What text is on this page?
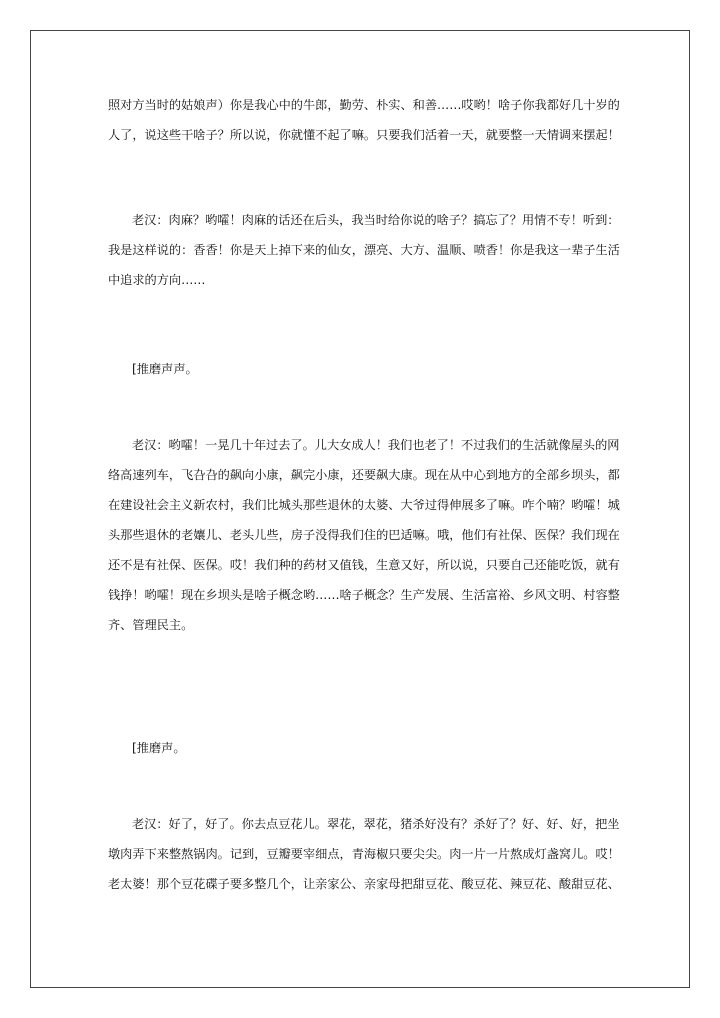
照对方当时的姑娘声）你是我心中的牛郎，勤劳、朴实、和善……哎哟！啥子你我都好几十岁的
人了，说这些干啥子？所以说，你就懂不起了嘛。只要我们活着一天，就要整一天情调来摆起！
老汉：肉麻？哟嚯！肉麻的话还在后头，我当时给你说的啥子？搞忘了？用情不专！听到：
我是这样说的：香香！你是天上掉下来的仙女，漂亮、大方、温顺、喷香！你是我这一辈子生活
中追求的方向……
[推磨声声。
老汉：哟嚯！一晃几十年过去了。儿大女成人！我们也老了！不过我们的生活就像屋头的网
络高速列车，飞叴叴的飙向小康，飙完小康，还要飙大康。现在从中心到地方的全部乡坝头，都
在建设社会主义新农村，我们比城头那些退休的太婆、大爷过得伸展多了嘛。咋个喃？哟嚯！城
头那些退休的老孃儿、老头儿些，房子没得我们住的巴适嘛。哦，他们有社保、医保？我们现在
还不是有社保、医保。哎！我们种的药材又值钱，生意又好，所以说，只要自己还能吃饭，就有
钱挣！哟嚯！现在乡坝头是啥子概念哟……啥子概念？生产发展、生活富裕、乡风文明、村容整
齐、管理民主。
[推磨声。
老汉：好了，好了。你去点豆花儿。翠花，翠花，猪杀好没有？杀好了？好、好、好，把坐
墩肉弄下来整熬锅肉。记到，豆瓣要宰细点，青海椒只要尖尖。肉一片一片熬成灯盏窝儿。哎！
老太婆！那个豆花碟子要多整几个，让亲家公、亲家母把甜豆花、酸豆花、辣豆花、酸甜豆花、
